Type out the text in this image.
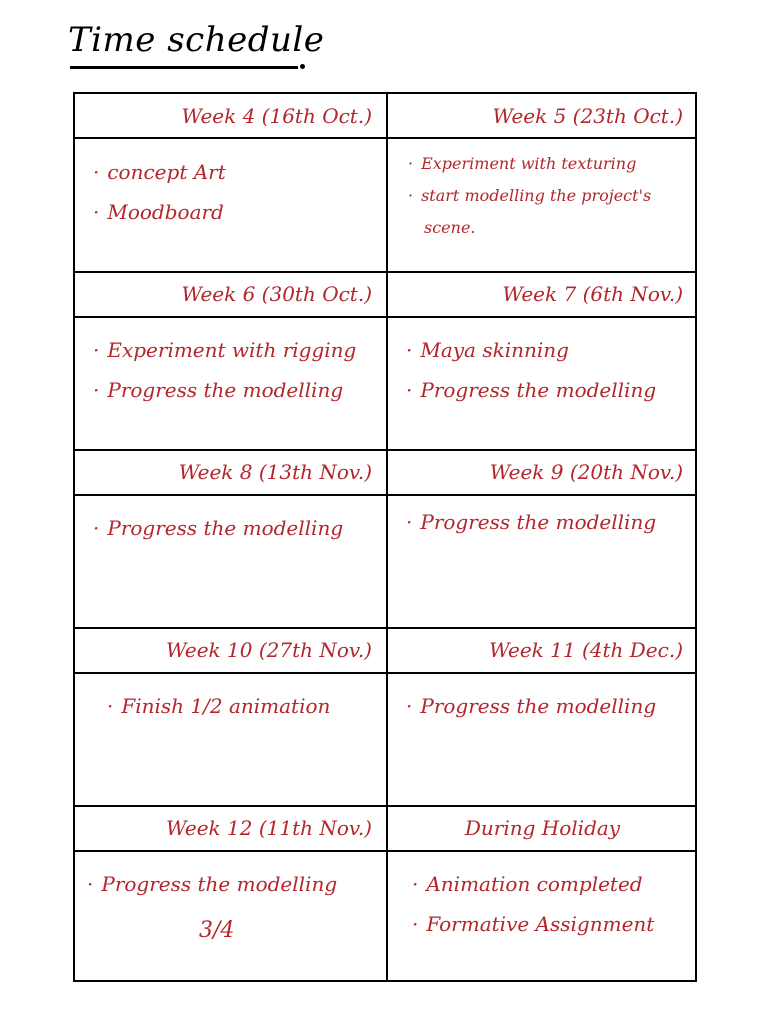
Time schedule
Week 4 (16th Oct.)
· concept Art
· Moodboard
Week 5 (23th Oct.)
· Experiment with texturing
· start modelling the project's
scene.
Week 6 (30th Oct.)
· Experiment with rigging
· Progress the modelling
Week 7 (6th Nov.)
· Maya skinning
· Progress the modelling
Week 8 (13th Nov.)
· Progress the modelling
Week 9 (20th Nov.)
· Progress the modelling
Week 10 (27th Nov.)
· Finish 1/2 animation
Week 11 (4th Dec.)
· Progress the modelling
Week 12 (11th Nov.)
· Progress the modelling
3/4
During Holiday
· Animation completed
· Formative Assignment
